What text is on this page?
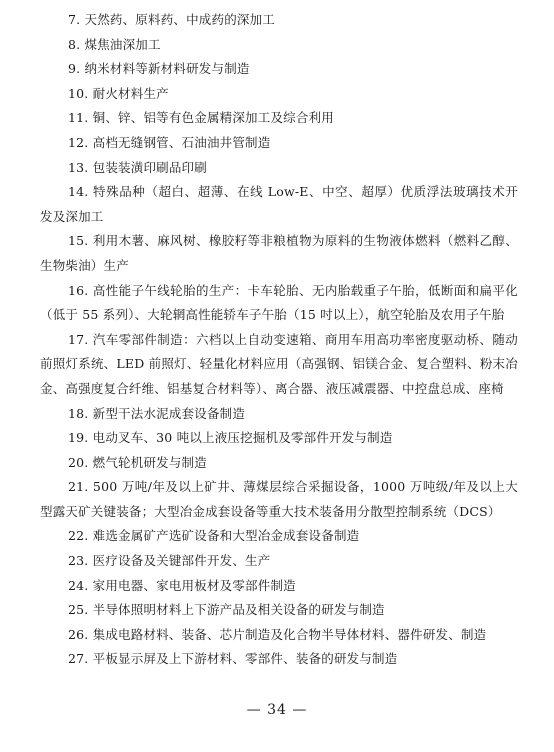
7. 天然药、原料药、中成药的深加工

8. 煤焦油深加工

9. 纳米材料等新材料研发与制造

10. 耐火材料生产

11. 铜、锌、铝等有色金属精深加工及综合利用

12. 高档无缝钢管、石油油井管制造

13. 包装装潢印刷品印刷

14. 特殊品种（超白、超薄、在线 Low-E、中空、超厚）优质浮法玻璃技术开发及深加工

15. 利用木薯、麻风树、橡胶籽等非粮植物为原料的生物液体燃料（燃料乙醇、生物柴油）生产

16. 高性能子午线轮胎的生产：卡车轮胎、无内胎载重子午胎，低断面和扁平化（低于 55 系列）、大轮辋高性能轿车子午胎（15 吋以上），航空轮胎及农用子午胎

17. 汽车零部件制造：六档以上自动变速箱、商用车用高功率密度驱动桥、随动前照灯系统、LED 前照灯、轻量化材料应用（高强钢、铝镁合金、复合塑料、粉末冶金、高强度复合纤维、铝基复合材料等）、离合器、液压减震器、中控盘总成、座椅

18. 新型干法水泥成套设备制造

19. 电动叉车、30 吨以上液压挖掘机及零部件开发与制造

20. 燃气轮机研发与制造

21. 500 万吨/年及以上矿井、薄煤层综合采掘设备，1000 万吨级/年及以上大型露天矿关键装备；大型冶金成套设备等重大技术装备用分散型控制系统（DCS）

22. 难选金属矿产选矿设备和大型冶金成套设备制造

23. 医疗设备及关键部件开发、生产

24. 家用电器、家电用板材及零部件制造

25. 半导体照明材料上下游产品及相关设备的研发与制造

26. 集成电路材料、装备、芯片制造及化合物半导体材料、器件研发、制造

27. 平板显示屏及上下游材料、零部件、装备的研发与制造

— 34 —
